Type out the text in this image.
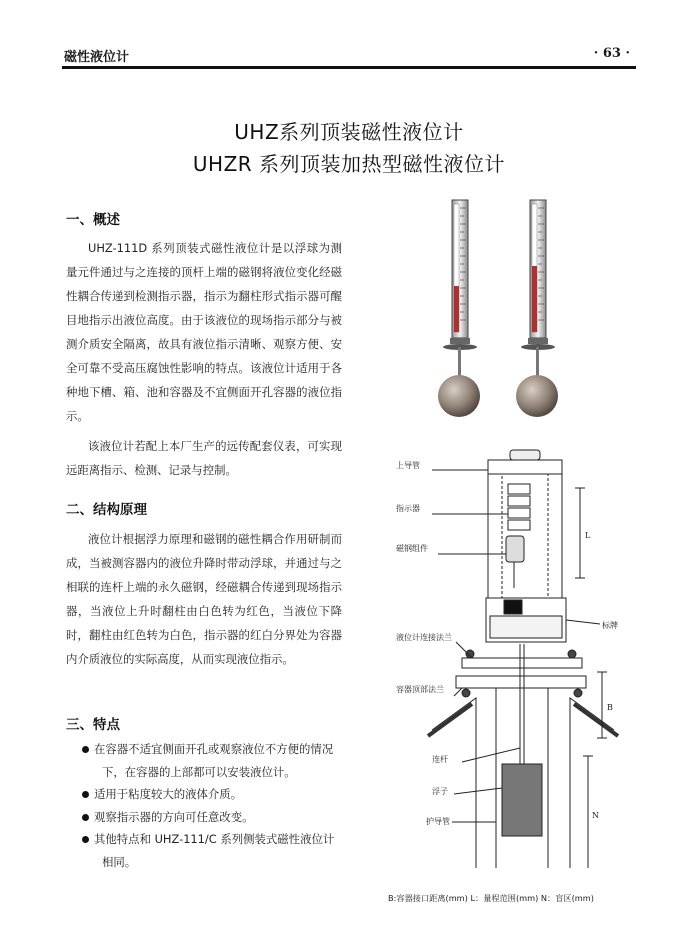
磁性液位计	· 63 ·
UHZ系列顶装磁性液位计
UHZR 系列顶装加热型磁性液位计
一、概述
UHZ-111D 系列顶装式磁性液位计是以浮球为测量元件通过与之连接的顶杆上端的磁钢将液位变化经磁性耦合传递到检测指示器，指示为翻柱形式指示器可醒目地指示出液位高度。由于该液位的现场指示部分与被测介质安全隔离，故具有液位指示清晰、观察方便、安全可靠不受高压腐蚀性影响的特点。该液位计适用于各种地下槽、箱、池和容器及不宜侧面开孔容器的液位指示。
该液位计若配上本厂生产的远传配套仪表，可实现远距离指示、检测、记录与控制。
二、结构原理
液位计根据浮力原理和磁钢的磁性耦合作用研制而成，当被测容器内的液位升降时带动浮球，并通过与之相联的连杆上端的永久磁钢，经磁耦合传递到现场指示器，当液位上升时翻柱由白色转为红色，当液位下降时，翻柱由红色转为白色，指示器的红白分界处为容器内介质液位的实际高度，从而实现液位指示。
三、特点
在容器不适宜侧面开孔或观察液位不方便的情况
下，在容器的上部都可以安装液位计。
适用于粘度较大的液体介质。
观察指示器的方向可任意改变。
其他特点和 UHZ-111/C 系列侧装式磁性液位计
相同。
上导管
指示器
磁钢组件
标牌
液位计连接法兰
容器顶部法兰
连杆
浮子
护导管
L
B
N
B:容器接口距离(mm) L：量程范围(mm) N：盲区(mm)
